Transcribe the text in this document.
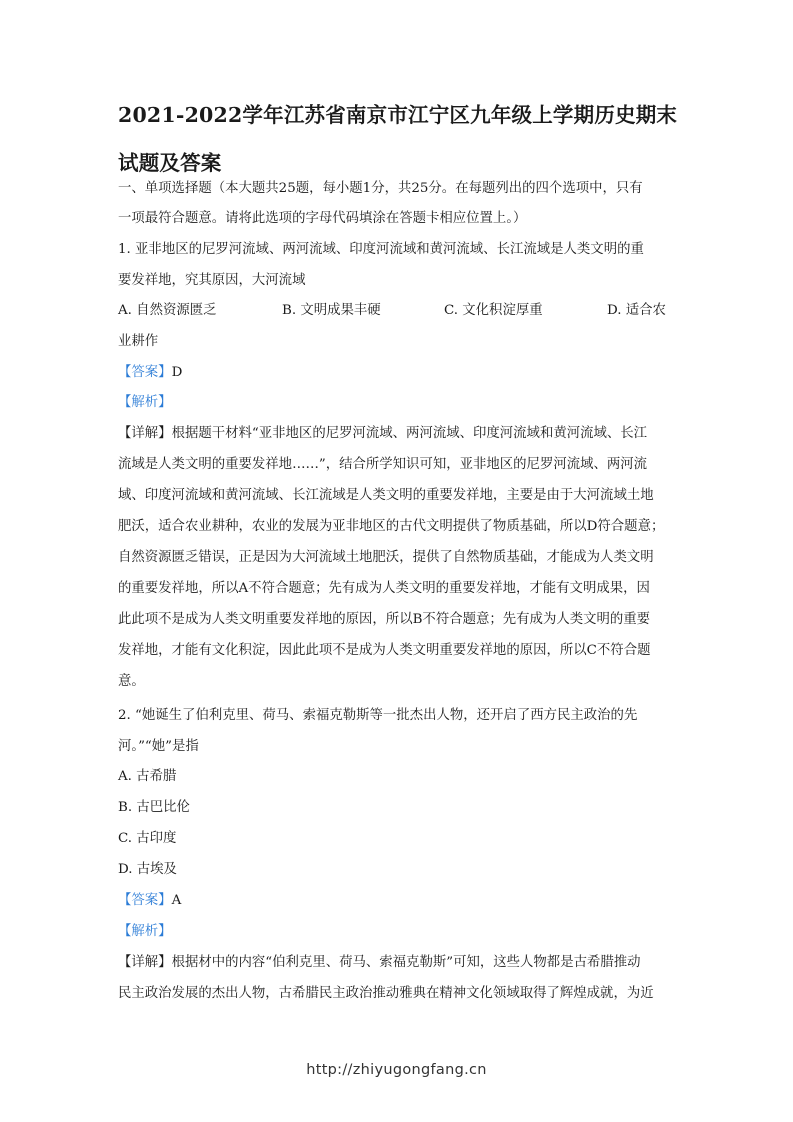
2021-2022学年江苏省南京市江宁区九年级上学期历史期末
试题及答案
一、单项选择题（本大题共25题，每小题1分，共25分。在每题列出的四个选项中，只有
一项最符合题意。请将此选项的字母代码填涂在答题卡相应位置上。）
1. 亚非地区的尼罗河流域、两河流域、印度河流域和黄河流域、长江流域是人类文明的重
要发祥地，究其原因，大河流域
A. 自然资源匮乏	B. 文明成果丰硬	C. 文化积淀厚重	D. 适合农
业耕作
【答案】D
【解析】
【详解】根据题干材料“亚非地区的尼罗河流域、两河流域、印度河流域和黄河流域、长江
流域是人类文明的重要发祥地……”，结合所学知识可知，亚非地区的尼罗河流域、两河流
域、印度河流域和黄河流域、长江流域是人类文明的重要发祥地，主要是由于大河流域土地
肥沃，适合农业耕种，农业的发展为亚非地区的古代文明提供了物质基础，所以D符合题意；
自然资源匮乏错误，正是因为大河流域土地肥沃，提供了自然物质基础，才能成为人类文明
的重要发祥地，所以A不符合题意；先有成为人类文明的重要发祥地，才能有文明成果，因
此此项不是成为人类文明重要发祥地的原因，所以B不符合题意；先有成为人类文明的重要
发祥地，才能有文化积淀，因此此项不是成为人类文明重要发祥地的原因，所以C不符合题
意。
2. “她诞生了伯利克里、荷马、索福克勒斯等一批杰出人物，还开启了西方民主政治的先
河。”“她”是指
A. 古希腊
B. 古巴比伦
C. 古印度
D. 古埃及
【答案】A
【解析】
【详解】根据材中的内容“伯利克里、荷马、索福克勒斯”可知，这些人物都是古希腊推动
民主政治发展的杰出人物，古希腊民主政治推动雅典在精神文化领域取得了辉煌成就，为近
http://zhiyugongfang.cn
